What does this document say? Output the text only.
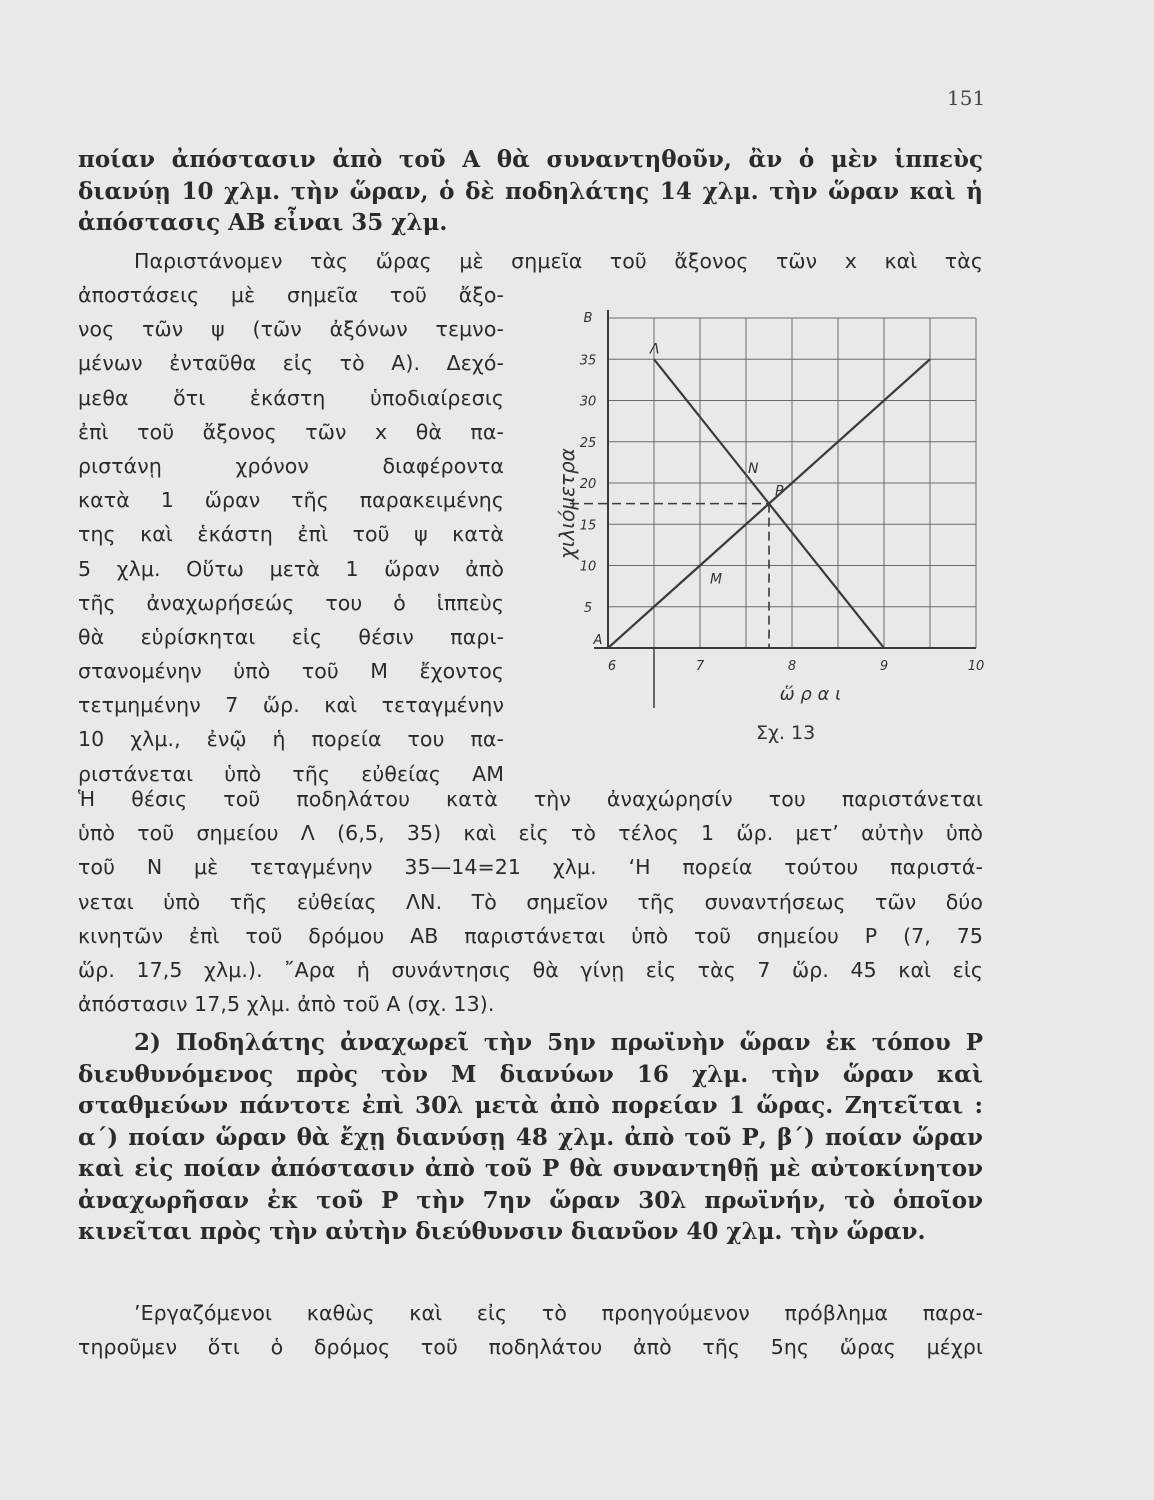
151

ποίαν ἀπόστασιν ἀπὸ τοῦ Α θὰ συναντηθοῦν, ἂν ὁ μὲν ἱππεὺς διανύῃ 10 χλμ. τὴν ὥραν, ὁ δὲ ποδηλάτης 14 χλμ. τὴν ὥραν καὶ ἡ ἀπόστασις ΑΒ εἶναι 35 χλμ.

Παριστάνομεν τὰς ὥρας μὲ σημεῖα τοῦ ἄξονος τῶν x καὶ τὰς
ἀποστάσεις μὲ σημεῖα τοῦ ἄξο-
νος τῶν ψ (τῶν ἀξόνων τεμνο-
μένων ἐνταῦθα εἰς τὸ Α). Δεχό-
μεθα ὅτι ἑκάστη ὑποδιαίρεσις
ἐπὶ τοῦ ἄξονος τῶν x θὰ πα-
ριστάνῃ χρόνον διαφέροντα
κατὰ 1 ὥραν τῆς παρακειμένης
της καὶ ἑκάστη ἐπὶ τοῦ ψ κατὰ
5 χλμ. Οὕτω μετὰ 1 ὥραν ἀπὸ
τῆς ἀναχωρήσεώς του ὁ ἱππεὺς
θὰ εὑρίσκηται εἰς θέσιν παρι-
στανομένην ὑπὸ τοῦ Μ ἔχοντος
τετμημένην 7 ὥρ. καὶ τεταγμένην
10 χλμ., ἐνῷ ἡ πορεία του πα-
ριστάνεται ὑπὸ τῆς εὐθείας ΑΜ
35
30
25
20
15
10
5
Β
Α
6	7	8	9	10
χιλιόμετρα
ὥ ρ α ι
Λ
Ν
Ρ
Μ
Σχ. 13
Ἡ θέσις τοῦ ποδηλάτου κατὰ τὴν ἀναχώρησίν του παριστάνεται
ὑπὸ τοῦ σημείου Λ (6,5, 35) καὶ εἰς τὸ τέλος 1 ὥρ. μετ’ αὐτὴν ὑπὸ
τοῦ Ν μὲ τεταγμένην 35—14=21 χλμ. ‘Η πορεία τούτου παριστά-
νεται ὑπὸ τῆς εὐθείας ΛΝ. Τὸ σημεῖον τῆς συναντήσεως τῶν δύο
κινητῶν ἐπὶ τοῦ δρόμου ΑΒ παριστάνεται ὑπὸ τοῦ σημείου Ρ (7, 75
ὥρ. 17,5 χλμ.). ῎Αρα ἡ συνάντησις θὰ γίνῃ εἰς τὰς 7 ὥρ. 45 καὶ εἰς
ἀπόστασιν 17,5 χλμ. ἀπὸ τοῦ Α (σχ. 13).

2) Ποδηλάτης ἀναχωρεῖ τὴν 5ην πρωϊνὴν ὥραν ἐκ τόπου Ρ διευθυνόμενος πρὸς τὸν Μ διανύων 16 χλμ. τὴν ὥραν καὶ σταθμεύων πάντοτε ἐπὶ 30λ μετὰ ἀπὸ πορείαν 1 ὥρας. Ζητεῖται : α΄) ποίαν ὥραν θὰ ἔχῃ διανύσῃ 48 χλμ. ἀπὸ τοῦ Ρ, β΄) ποίαν ὥραν καὶ εἰς ποίαν ἀπόστασιν ἀπὸ τοῦ Ρ θὰ συναντηθῇ μὲ αὐτοκίνητον ἀναχωρῆσαν ἐκ τοῦ Ρ τὴν 7ην ὥραν 30λ πρωϊνήν, τὸ ὁποῖον κινεῖται πρὸς τὴν αὐτὴν διεύθυνσιν διανῦον 40 χλμ. τὴν ὥραν.

’Εργαζόμενοι καθὼς καὶ εἰς τὸ προηγούμενον πρόβλημα παρα-
τηροῦμεν ὅτι ὁ δρόμος τοῦ ποδηλάτου ἀπὸ τῆς 5ης ὥρας μέχρι
